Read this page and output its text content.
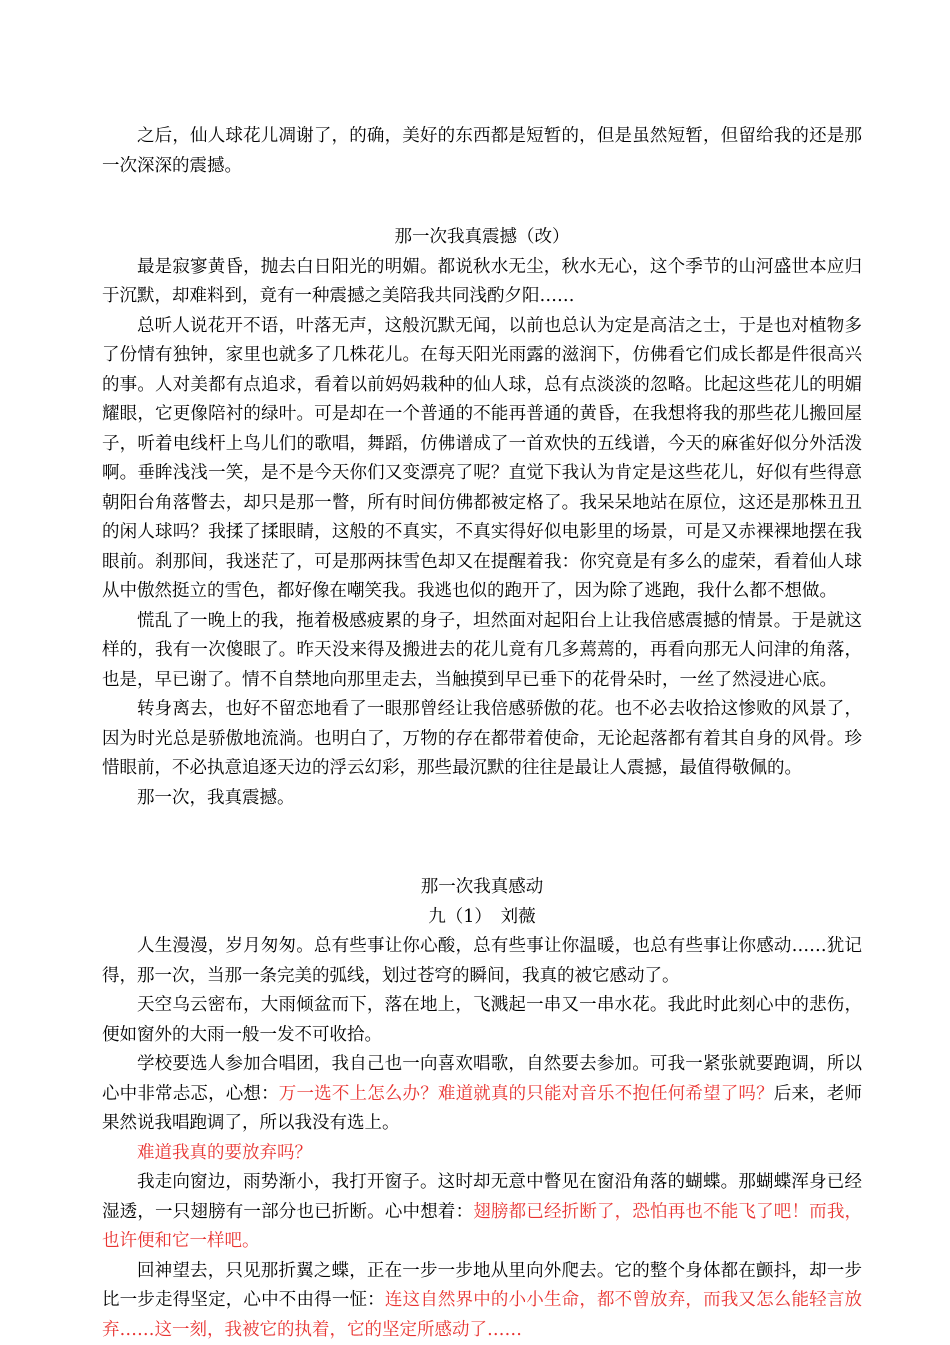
之后，仙人球花儿凋谢了，的确，美好的东西都是短暂的，但是虽然短暂，但留给我的还是那一次深深的震撼。

那一次我真震撼（改）

最是寂寥黄昏，抛去白日阳光的明媚。都说秋水无尘，秋水无心，这个季节的山河盛世本应归于沉默，却难料到，竟有一种震撼之美陪我共同浅酌夕阳……

总听人说花开不语，叶落无声，这般沉默无闻，以前也总认为定是高洁之士，于是也对植物多了份情有独钟，家里也就多了几株花儿。在每天阳光雨露的滋润下，仿佛看它们成长都是件很高兴的事。人对美都有点追求，看着以前妈妈栽种的仙人球，总有点淡淡的忽略。比起这些花儿的明媚耀眼，它更像陪衬的绿叶。可是却在一个普通的不能再普通的黄昏，在我想将我的那些花儿搬回屋子，听着电线杆上鸟儿们的歌唱，舞蹈，仿佛谱成了一首欢快的五线谱，今天的麻雀好似分外活泼啊。垂眸浅浅一笑，是不是今天你们又变漂亮了呢？直觉下我认为肯定是这些花儿，好似有些得意朝阳台角落瞥去，却只是那一瞥，所有时间仿佛都被定格了。我呆呆地站在原位，这还是那株丑丑的闲人球吗？我揉了揉眼睛，这般的不真实，不真实得好似电影里的场景，可是又赤裸裸地摆在我眼前。刹那间，我迷茫了，可是那两抹雪色却又在提醒着我：你究竟是有多么的虚荣，看着仙人球从中傲然挺立的雪色，都好像在嘲笑我。我逃也似的跑开了，因为除了逃跑，我什么都不想做。

慌乱了一晚上的我，拖着极感疲累的身子，坦然面对起阳台上让我倍感震撼的情景。于是就这样的，我有一次傻眼了。昨天没来得及搬进去的花儿竟有几多蔫蔫的，再看向那无人问津的角落，也是，早已谢了。情不自禁地向那里走去，当触摸到早已垂下的花骨朵时，一丝了然浸进心底。

转身离去，也好不留恋地看了一眼那曾经让我倍感骄傲的花。也不必去收拾这惨败的风景了，因为时光总是骄傲地流淌。也明白了，万物的存在都带着使命，无论起落都有着其自身的风骨。珍惜眼前，不必执意追逐天边的浮云幻彩，那些最沉默的往往是最让人震撼，最值得敬佩的。

那一次，我真震撼。

那一次我真感动

九（1）　刘薇

人生漫漫，岁月匆匆。总有些事让你心酸，总有些事让你温暖，也总有些事让你感动……犹记得，那一次，当那一条完美的弧线，划过苍穹的瞬间，我真的被它感动了。

天空乌云密布，大雨倾盆而下，落在地上，飞溅起一串又一串水花。我此时此刻心中的悲伤，便如窗外的大雨一般一发不可收拾。

学校要选人参加合唱团，我自己也一向喜欢唱歌，自然要去参加。可我一紧张就要跑调，所以心中非常忐忑，心想：万一选不上怎么办？难道就真的只能对音乐不抱任何希望了吗？后来，老师果然说我唱跑调了，所以我没有选上。

难道我真的要放弃吗？

我走向窗边，雨势渐小，我打开窗子。这时却无意中瞥见在窗沿角落的蝴蝶。那蝴蝶浑身已经湿透，一只翅膀有一部分也已折断。心中想着：翅膀都已经折断了，恐怕再也不能飞了吧！而我，也许便和它一样吧。

回神望去，只见那折翼之蝶，正在一步一步地从里向外爬去。它的整个身体都在颤抖，却一步比一步走得坚定，心中不由得一怔：连这自然界中的小小生命，都不曾放弃，而我又怎么能轻言放弃……这一刻，我被它的执着，它的坚定所感动了……
